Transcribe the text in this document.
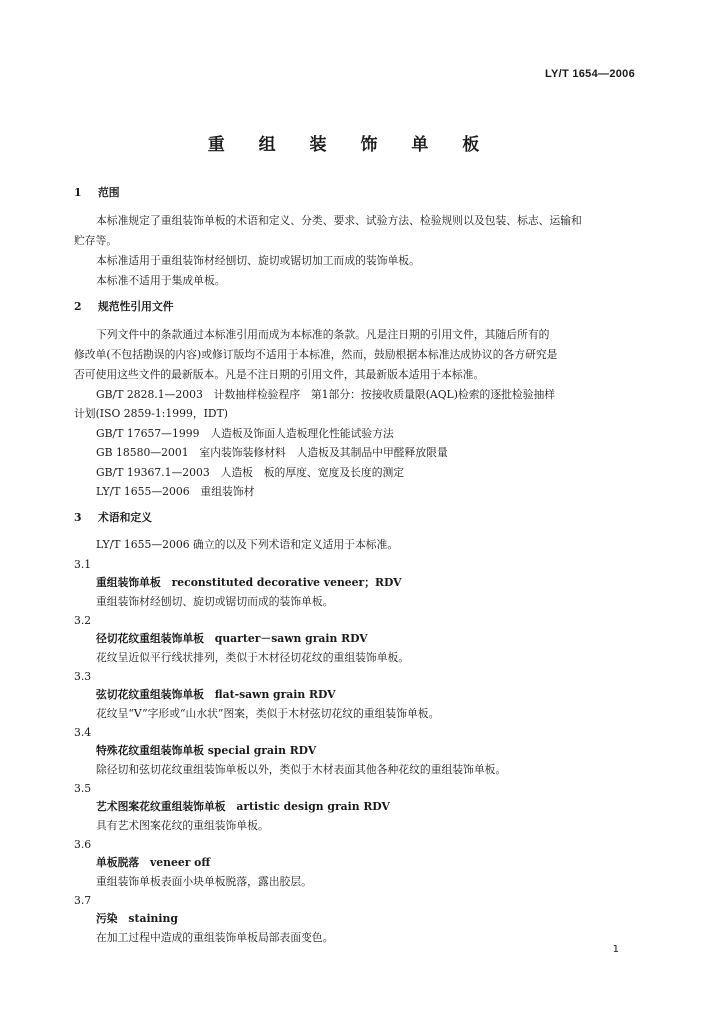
LY/T 1654—2006
重 组 装 饰 单 板
1 范围
本标准规定了重组装饰单板的术语和定义、分类、要求、试验方法、检验规则以及包装、标志、运输和
贮存等。
本标准适用于重组装饰材经刨切、旋切或锯切加工而成的装饰单板。
本标准不适用于集成单板。
2 规范性引用文件
下列文件中的条款通过本标准引用而成为本标准的条款。凡是注日期的引用文件，其随后所有的
修改单(不包括勘误的内容)或修订版均不适用于本标准，然而，鼓励根据本标准达成协议的各方研究是
否可使用这些文件的最新版本。凡是不注日期的引用文件，其最新版本适用于本标准。
GB/T 2828.1—2003　计数抽样检验程序　第1部分：按接收质量限(AQL)检索的逐批检验抽样
计划(ISO 2859-1:1999，IDT)
GB/T 17657—1999　人造板及饰面人造板理化性能试验方法
GB 18580—2001　室内装饰装修材料　人造板及其制品中甲醛释放限量
GB/T 19367.1—2003　人造板　板的厚度、宽度及长度的测定
LY/T 1655—2006　重组装饰材
3 术语和定义
LY/T 1655—2006 确立的以及下列术语和定义适用于本标准。
3.1
重组装饰单板　reconstituted decorative veneer；RDV
重组装饰材经刨切、旋切或锯切而成的装饰单板。
3.2
径切花纹重组装饰单板　quarter－sawn grain RDV
花纹呈近似平行线状排列，类似于木材径切花纹的重组装饰单板。
3.3
弦切花纹重组装饰单板　flat-sawn grain RDV
花纹呈“V”字形或“山水状”图案，类似于木材弦切花纹的重组装饰单板。
3.4
特殊花纹重组装饰单板 special grain RDV
除径切和弦切花纹重组装饰单板以外，类似于木材表面其他各种花纹的重组装饰单板。
3.5
艺术图案花纹重组装饰单板　artistic design grain RDV
具有艺术图案花纹的重组装饰单板。
3.6
单板脱落　veneer off
重组装饰单板表面小块单板脱落，露出胶层。
3.7
污染　staining
在加工过程中造成的重组装饰单板局部表面变色。
1
